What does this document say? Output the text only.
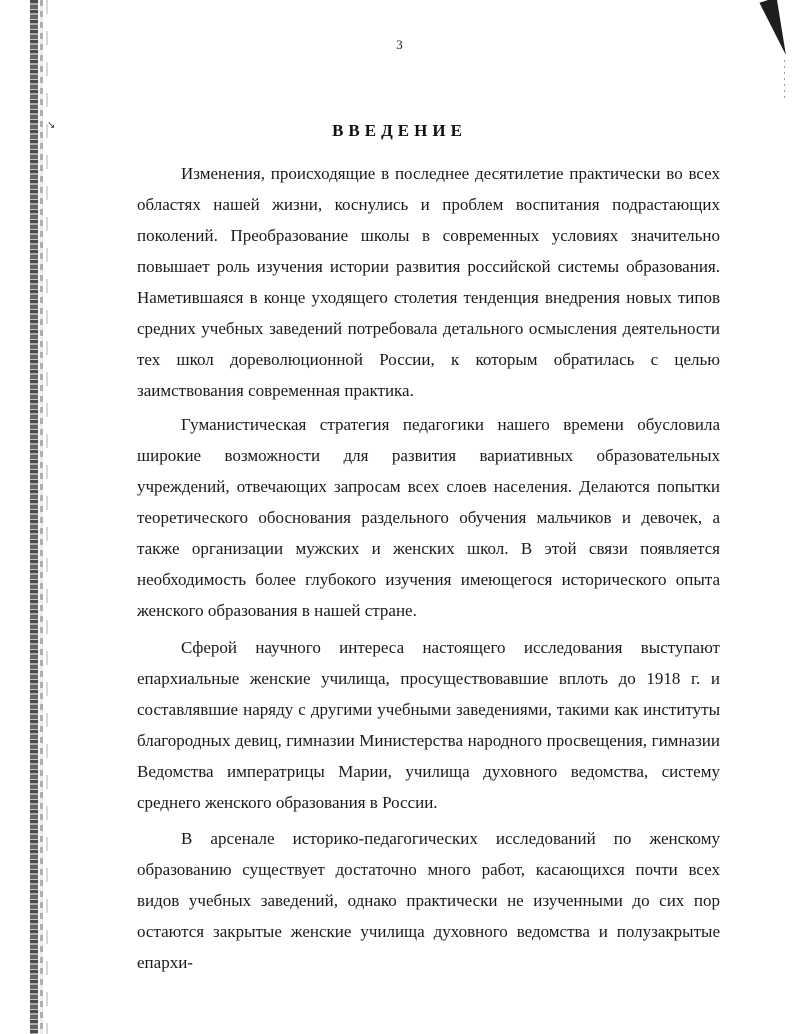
↘
3
ВВЕДЕНИЕ

Изменения, происходящие в последнее десятилетие практически во всех областях нашей жизни, коснулись и проблем воспитания подрастающих поколений. Преобразование школы в современных условиях значительно повышает роль изучения истории развития российской системы образования. Наметившаяся в конце уходящего столетия тенденция внедрения новых типов средних учебных заведений потребовала детального осмысления деятельности тех школ дореволюционной России, к которым обратилась с целью заимствования современная практика.

Гуманистическая стратегия педагогики нашего времени обусловила широкие возможности для развития вариативных образовательных учреждений, отвечающих запросам всех слоев населения. Делаются попытки теоретического обоснования раздельного обучения мальчиков и девочек, а также организации мужских и женских школ. В этой связи появляется необходимость более глубокого изучения имеющегося исторического опыта женского образования в нашей стране.

Сферой научного интереса настоящего исследования выступают епархиальные женские училища, просуществовавшие вплоть до 1918 г. и составлявшие наряду с другими учебными заведениями, такими как институты благородных девиц, гимназии Министерства народного просвещения, гимназии Ведомства императрицы Марии, училища духовного ведомства, систему среднего женского образования в России.

В арсенале историко-педагогических исследований по женскому образованию существует достаточно много работ, касающихся почти всех видов учебных заведений, однако практически не изученными до сих пор остаются закрытые женские училища духовного ведомства и полузакрытые епархи-
